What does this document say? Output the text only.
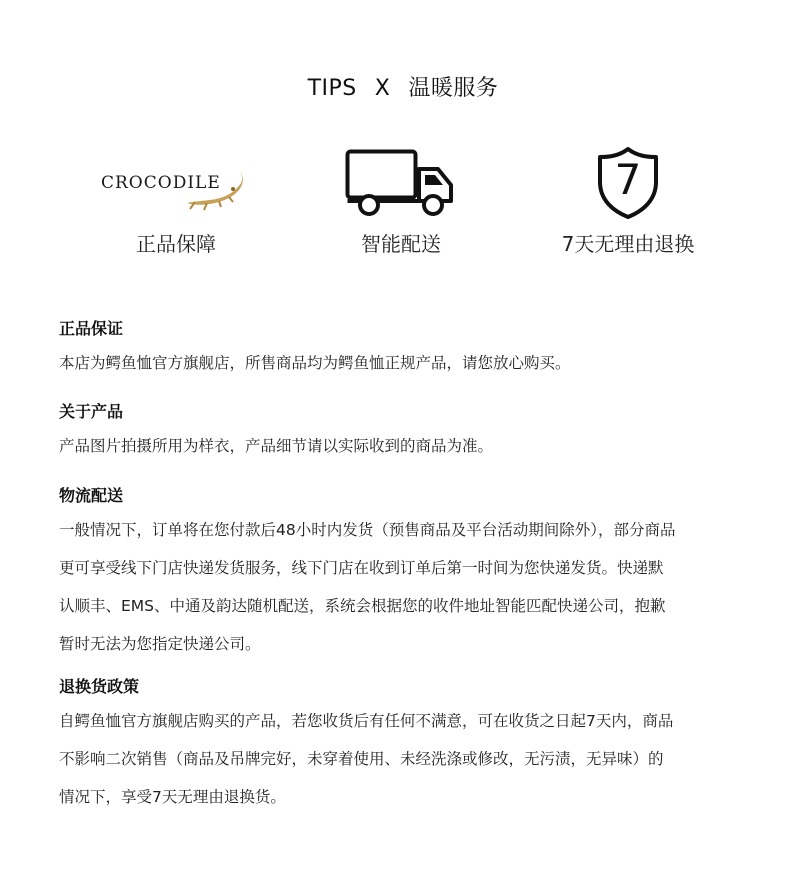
TIPS X 温暖服务
CROCODILE
正品保障	智能配送
7
7天无理由退换
正品保证

本店为鳄鱼恤官方旗舰店，所售商品均为鳄鱼恤正规产品，请您放心购买。

关于产品

产品图片拍摄所用为样衣，产品细节请以实际收到的商品为准。

物流配送

一般情况下，订单将在您付款后48小时内发货（预售商品及平台活动期间除外），部分商品

更可享受线下门店快递发货服务，线下门店在收到订单后第一时间为您快递发货。快递默

认顺丰、EMS、中通及韵达随机配送，系统会根据您的收件地址智能匹配快递公司，抱歉

暂时无法为您指定快递公司。

退换货政策

自鳄鱼恤官方旗舰店购买的产品，若您收货后有任何不满意，可在收货之日起7天内，商品

不影响二次销售（商品及吊牌完好，未穿着使用、未经洗涤或修改，无污渍，无异味）的

情况下，享受7天无理由退换货。
